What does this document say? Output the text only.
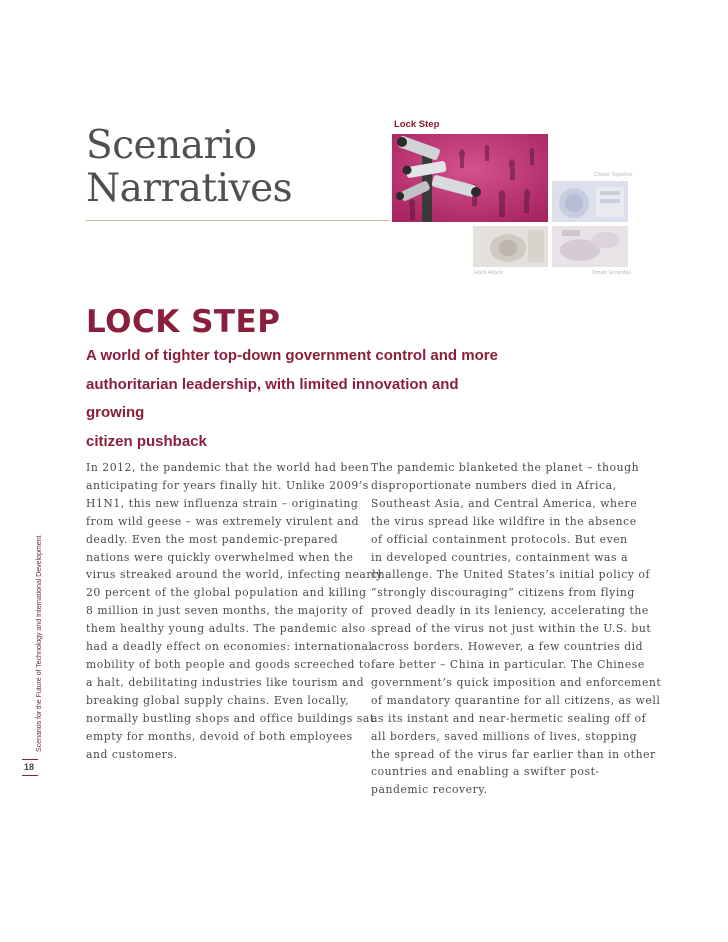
Scenarios for the Future of Technology and International Development
18
Scenario
Narratives
Lock Step
Clever Together
Hack Attack	Smart Scramble
LOCK STEP
A world of tighter top-down government control and more
authoritarian leadership, with limited innovation and growing
citizen pushback
In 2012, the pandemic that the world had been
anticipating for years finally hit. Unlike 2009’s
H1N1, this new influenza strain – originating
from wild geese – was extremely virulent and
deadly. Even the most pandemic-prepared
nations were quickly overwhelmed when the
virus streaked around the world, infecting nearly
20 percent of the global population and killing
8 million in just seven months, the majority of
them healthy young adults. The pandemic also
had a deadly effect on economies: international
mobility of both people and goods screeched to
a halt, debilitating industries like tourism and
breaking global supply chains. Even locally,
normally bustling shops and office buildings sat
empty for months, devoid of both employees
and customers.
The pandemic blanketed the planet – though
disproportionate numbers died in Africa,
Southeast Asia, and Central America, where
the virus spread like wildfire in the absence
of official containment protocols. But even
in developed countries, containment was a
challenge. The United States’s initial policy of
“strongly discouraging” citizens from flying
proved deadly in its leniency, accelerating the
spread of the virus not just within the U.S. but
across borders. However, a few countries did
fare better – China in particular. The Chinese
government’s quick imposition and enforcement
of mandatory quarantine for all citizens, as well
as its instant and near-hermetic sealing off of
all borders, saved millions of lives, stopping
the spread of the virus far earlier than in other
countries and enabling a swifter post-
pandemic recovery.
